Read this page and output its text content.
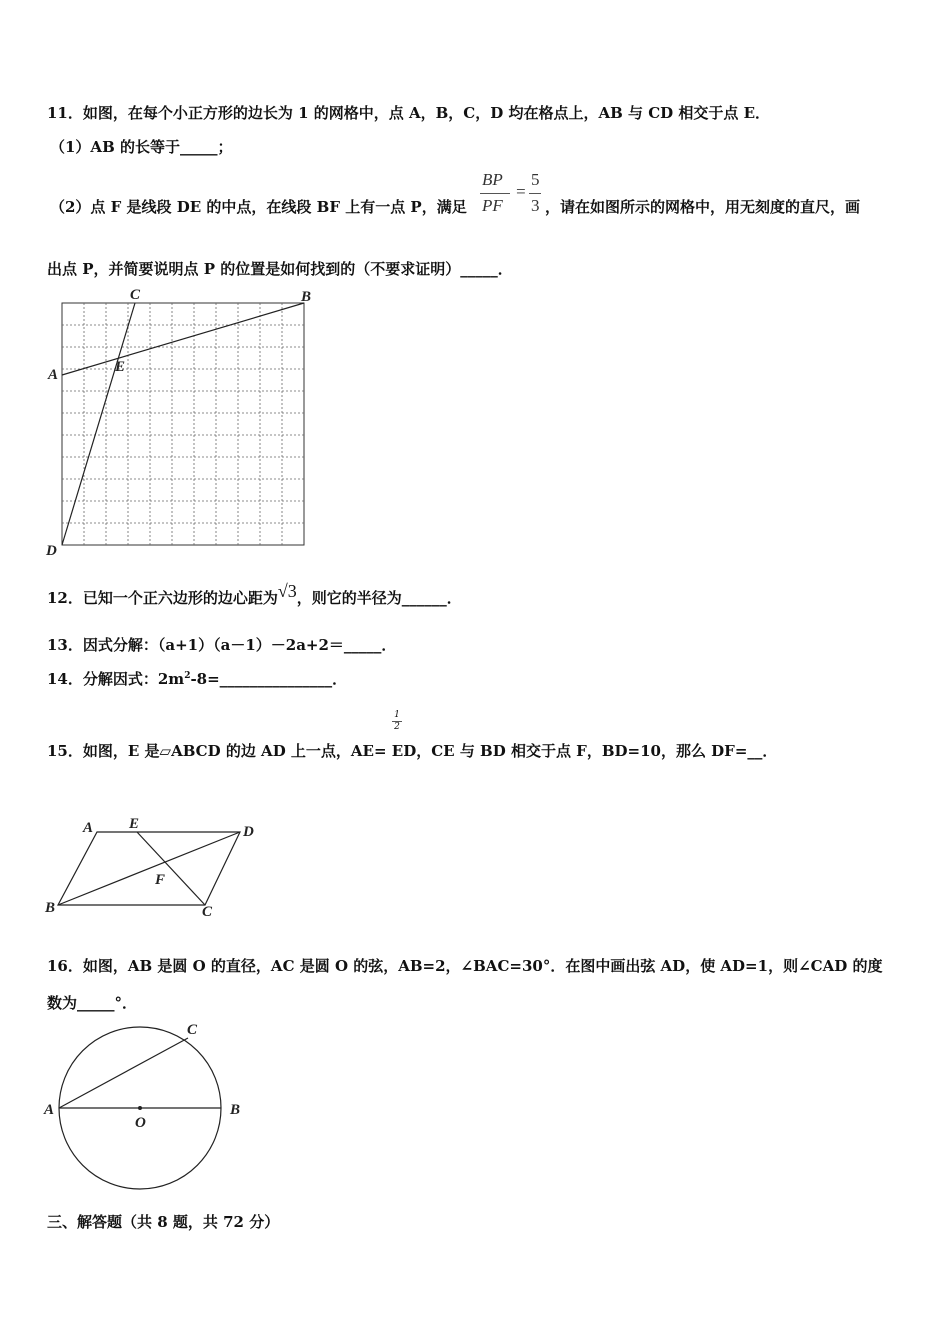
11．如图，在每个小正方形的边长为 1 的网格中，点 A，B，C，D 均在格点上，AB 与 CD 相交于点 E．
（1）AB 的长等于_____；
（2）点 F 是线段 DE 的中点，在线段 BF 上有一点 P，满足
BP
PF
=
5
3 ，请在如图所示的网格中，用无刻度的直尺，画
出点 P，并简要说明点 P 的位置是如何找到的（不要求证明）_____．
A
B
C
D
E
12．已知一个正六边形的边心距为√3，则它的半径为______．
13．因式分解：（a+1）（a－1）－2a+2＝_____．
14．分解因式：$2m^2-8=\_\_\_\_\_\_\_\_\_\_\_\_\_\_\_$．
1
2
15．如图，E 是▱ABCD 的边 AD 上一点，AE= ED，CE 与 BD 相交于点 F，BD=10，那么 DF=__．
A E	D
F
B	C
16．如图，AB 是圆 O 的直径，AC 是圆 O 的弦，AB=2，∠BAC=30°．在图中画出弦 AD，使 AD=1，则∠CAD 的度
数为_____°．
A	B
C
O
三、解答题（共 8 题，共 72 分）
